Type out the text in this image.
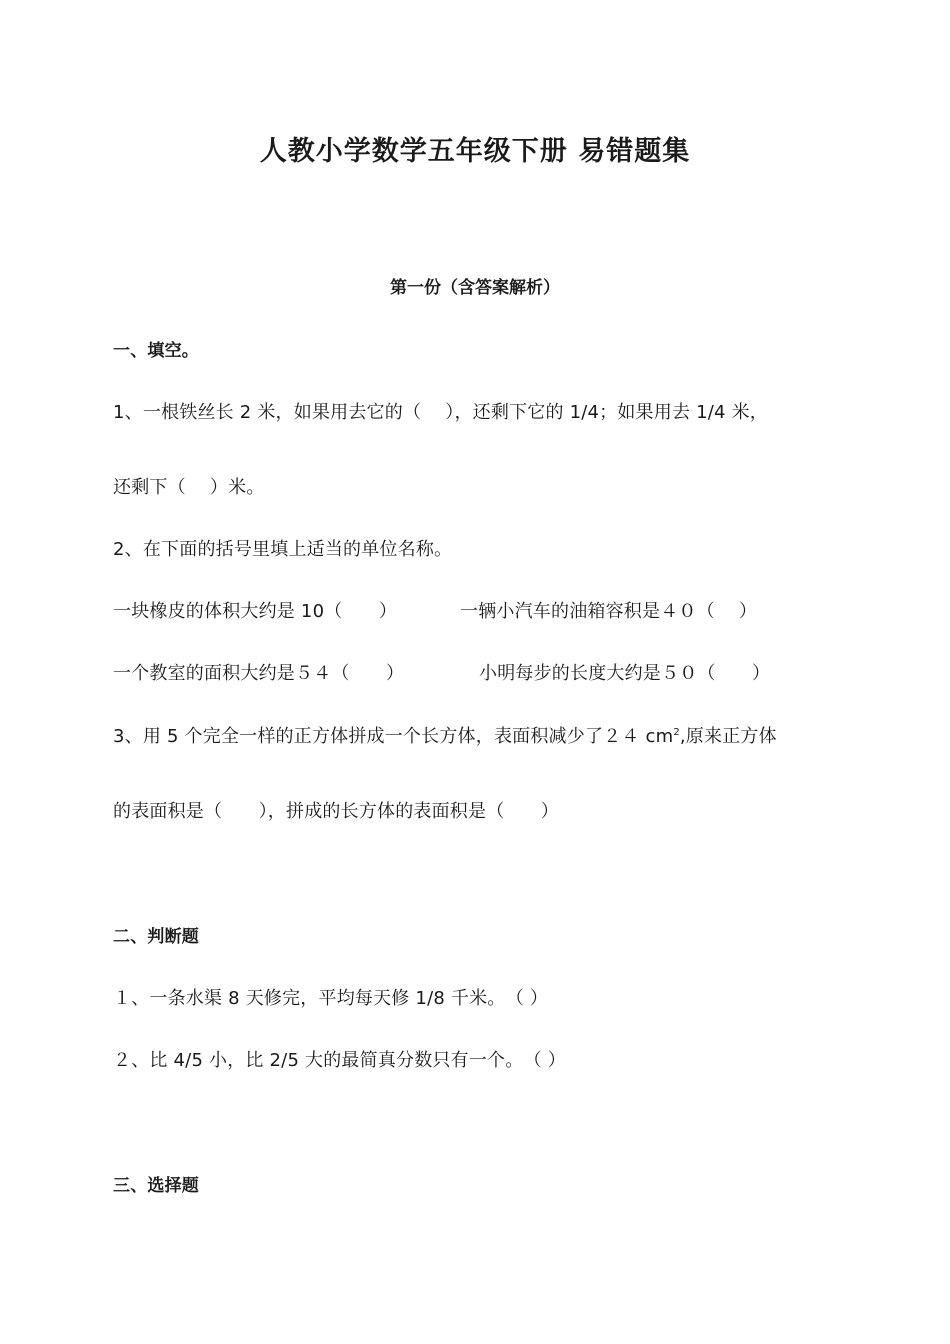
人教小学数学五年级下册 易错题集
第一份（含答案解析）
一、填空。
1、一根铁丝长 2 米，如果用去它的（　 ），还剩下它的 1/4；如果用去 1/4 米，
还剩下（　 ）米。
2、在下面的括号里填上适当的单位名称。
一块橡皮的体积大约是 10（　　）	一辆小汽车的油箱容积是４０（　 ）
一个教室的面积大约是５４（　　）	小明每步的长度大约是５０（　　）
3、用 5 个完全一样的正方体拼成一个长方体，表面积减少了２４ $cm^2$,原来正方体
的表面积是（　　），拼成的长方体的表面积是（　　）
二、判断题
１、一条水渠 8 天修完，平均每天修 1/8 千米。　（ ）
２、比 4/5 小，比 2/5 大的最简真分数只有一个。　（ ）
三、选择题
